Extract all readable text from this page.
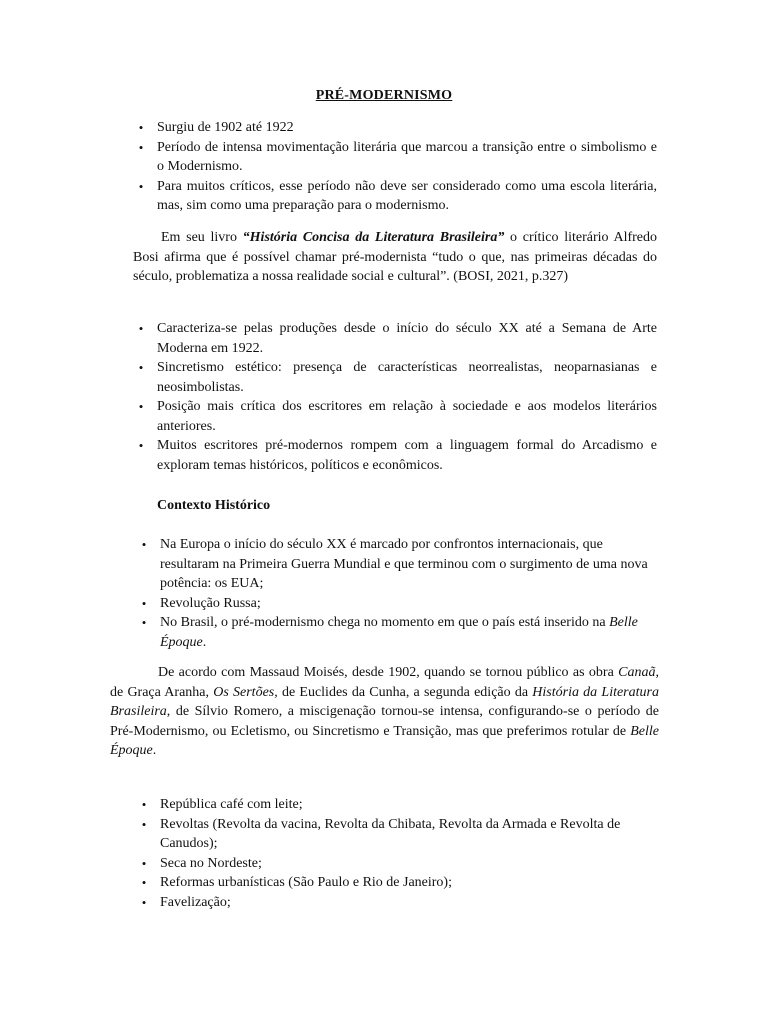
PRÉ-MODERNISMO
• Surgiu de 1902 até 1922
• Período de intensa movimentação literária que marcou a transição entre o simbolismo e o Modernismo.
• Para muitos críticos, esse período não deve ser considerado como uma escola literária, mas, sim como uma preparação para o modernismo.

Em seu livro “História Concisa da Literatura Brasileira” o crítico literário Alfredo Bosi afirma que é possível chamar pré-modernista “tudo o que, nas primeiras décadas do século, problematiza a nossa realidade social e cultural”. (BOSI, 2021, p.327)

• Caracteriza-se pelas produções desde o início do século XX até a Semana de Arte Moderna em 1922.
• Sincretismo estético: presença de características neorrealistas, neoparnasianas e neosimbolistas.
• Posição mais crítica dos escritores em relação à sociedade e aos modelos literários anteriores.
• Muitos escritores pré-modernos rompem com a linguagem formal do Arcadismo e exploram temas históricos, políticos e econômicos.
Contexto Histórico
• Na Europa o início do século XX é marcado por confrontos internacionais, que resultaram na Primeira Guerra Mundial e que terminou com o surgimento de uma nova potência: os EUA;
• Revolução Russa;
• No Brasil, o pré-modernismo chega no momento em que o país está inserido na Belle Époque.

De acordo com Massaud Moisés, desde 1902, quando se tornou público as obra Canaã, de Graça Aranha, Os Sertões, de Euclides da Cunha, a segunda edição da História da Literatura Brasileira, de Sílvio Romero, a miscigenação tornou-se intensa, configurando-se o período de Pré-Modernismo, ou Ecletismo, ou Sincretismo e Transição, mas que preferimos rotular de Belle Époque.

• República café com leite;
• Revoltas (Revolta da vacina, Revolta da Chibata, Revolta da Armada e Revolta de Canudos);
• Seca no Nordeste;
• Reformas urbanísticas (São Paulo e Rio de Janeiro);
• Favelização;
